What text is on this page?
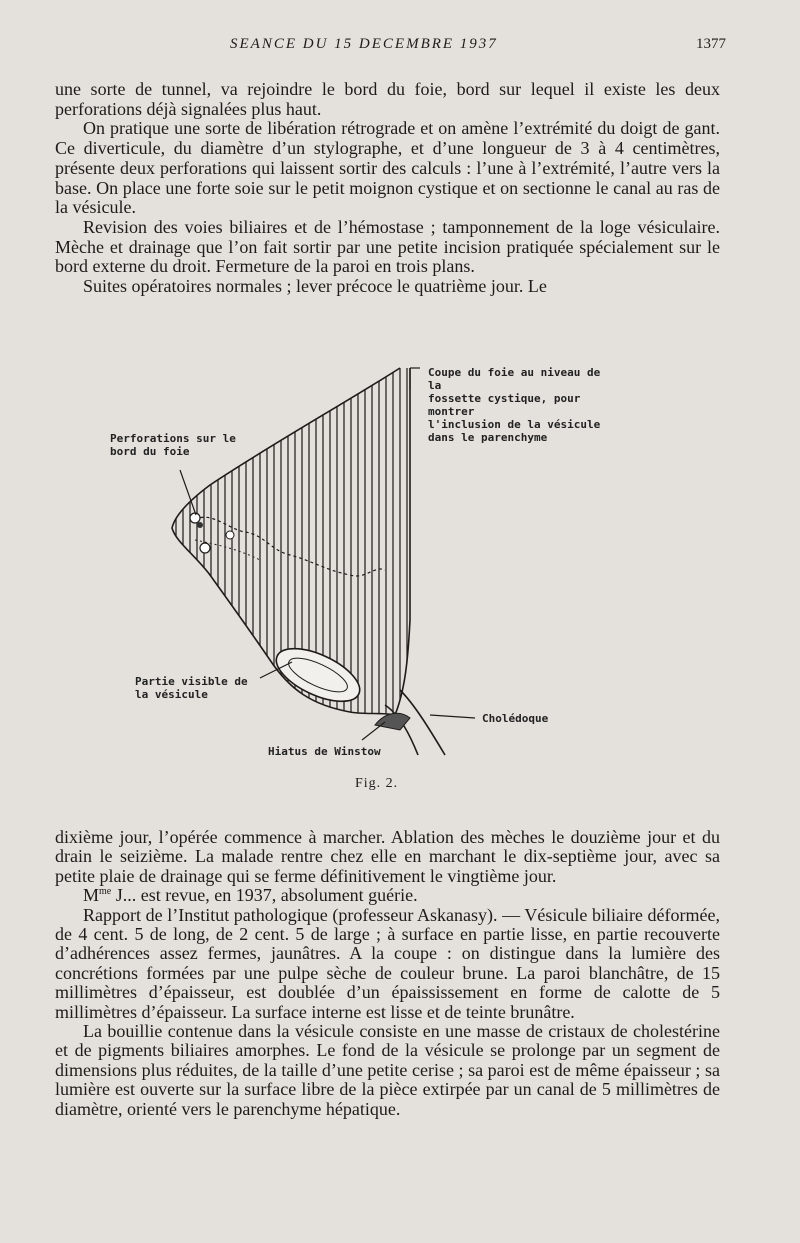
SEANCE DU 15 DECEMBRE 1937	1377

une sorte de tunnel, va rejoindre le bord du foie, bord sur lequel il existe les deux perforations déjà signalées plus haut.

On pratique une sorte de libération rétrograde et on amène l’extrémité du doigt de gant. Ce diverticule, du diamètre d’un stylographe, et d’une longueur de 3 à 4 centimètres, présente deux perforations qui laissent sortir des calculs : l’une à l’extrémité, l’autre vers la base. On place une forte soie sur le petit moignon cystique et on sectionne le canal au ras de la vésicule.

Revision des voies biliaires et de l’hémostase ; tamponnement de la loge vésiculaire. Mèche et drainage que l’on fait sortir par une petite incision pratiquée spécialement sur le bord externe du droit. Fermeture de la paroi en trois plans.

Suites opératoires normales ; lever précoce le quatrième jour. Le

Coupe du foie au niveau de la
fossette cystique, pour montrer
l'inclusion de la vésicule
dans le parenchyme
Perforations sur le
bord du foie
Partie visible de
la vésicule
Cholédoque
Hiatus de Winstow
Fig. 2.

dixième jour, l’opérée commence à marcher. Ablation des mèches le douzième jour et du drain le seizième. La malade rentre chez elle en marchant le dix-septième jour, avec sa petite plaie de drainage qui se ferme définitivement le vingtième jour.

$M^{me}$ J... est revue, en 1937, absolument guérie.

Rapport de l’Institut pathologique (professeur Askanasy). — Vésicule biliaire déformée, de 4 cent. 5 de long, de 2 cent. 5 de large ; à surface en partie lisse, en partie recouverte d’adhérences assez fermes, jaunâtres. A la coupe : on distingue dans la lumière des concrétions formées par une pulpe sèche de couleur brune. La paroi blanchâtre, de 15 millimètres d’épaisseur, est doublée d’un épaississement en forme de calotte de 5 millimètres d’épaisseur. La surface interne est lisse et de teinte brunâtre.

La bouillie contenue dans la vésicule consiste en une masse de cristaux de cholestérine et de pigments biliaires amorphes. Le fond de la vésicule se prolonge par un segment de dimensions plus réduites, de la taille d’une petite cerise ; sa paroi est de même épaisseur ; sa lumière est ouverte sur la surface libre de la pièce extirpée par un canal de 5 millimètres de diamètre, orienté vers le parenchyme hépatique.
